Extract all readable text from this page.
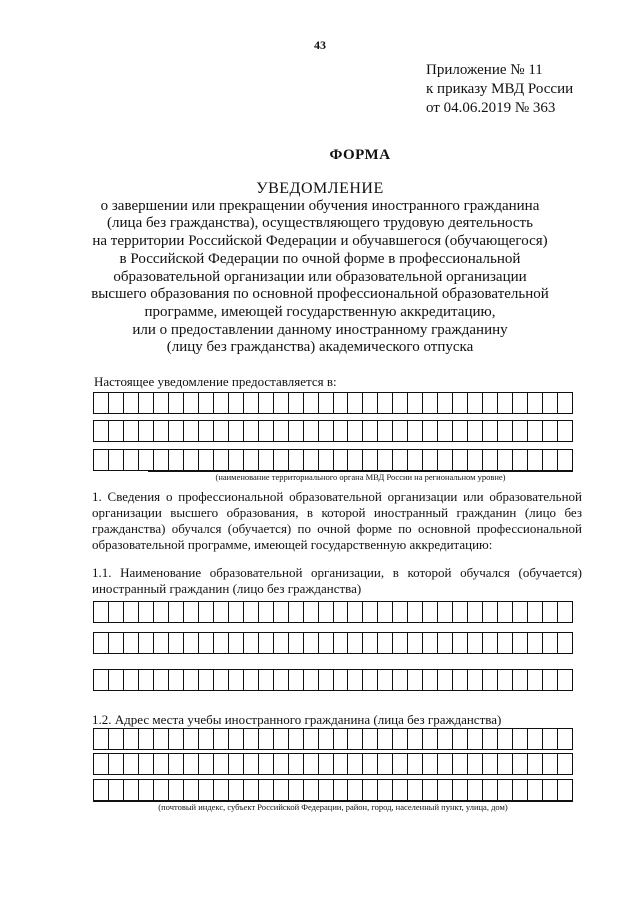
43
Приложение № 11
к приказу МВД России
от 04.06.2019 № 363
ФОРМА
УВЕДОМЛЕНИЕ
о завершении или прекращении обучения иностранного гражданина
(лица без гражданства), осуществляющего трудовую деятельность
на территории Российской Федерации и обучавшегося (обучающегося)
в Российской Федерации по очной форме в профессиональной
образовательной организации или образовательной организации
высшего образования по основной профессиональной образовательной
программе, имеющей государственную аккредитацию,
или о предоставлении данному иностранному гражданину
(лицу без гражданства) академического отпуска
Настоящее уведомление предоставляется в:
(наименование территориального органа МВД России на региональном уровне)
1. Сведения о профессиональной образовательной организации или образовательной
организации высшего образования, в которой иностранный гражданин (лицо без
гражданства) обучался (обучается) по очной форме по основной профессиональной
образовательной программе, имеющей государственную аккредитацию:
1.1. Наименование образовательной организации, в которой обучался (обучается)
иностранный гражданин (лицо без гражданства)
1.2. Адрес места учебы иностранного гражданина (лица без гражданства)
(почтовый индекс, субъект Российской Федерации, район, город, населенный пункт, улица, дом)
